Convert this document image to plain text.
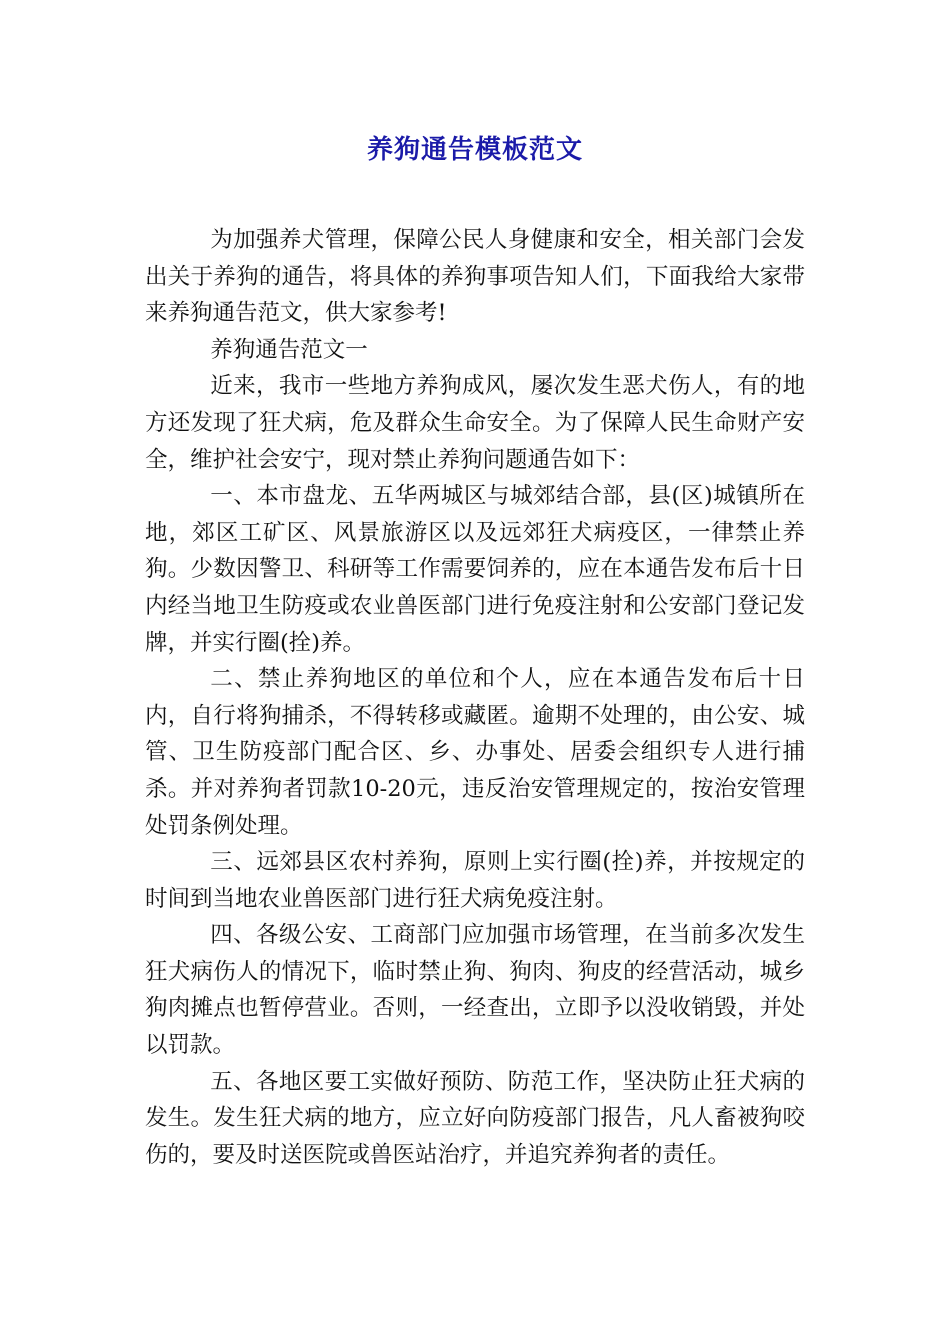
养狗通告模板范文

为加强养犬管理，保障公民人身健康和安全，相关部门会发出关于养狗的通告，将具体的养狗事项告知人们，下面我给大家带来养狗通告范文，供大家参考!

养狗通告范文一

近来，我市一些地方养狗成风，屡次发生恶犬伤人，有的地方还发现了狂犬病，危及群众生命安全。为了保障人民生命财产安全，维护社会安宁，现对禁止养狗问题通告如下：

一、本市盘龙、五华两城区与城郊结合部，县(区)城镇所在地，郊区工矿区、风景旅游区以及远郊狂犬病疫区，一律禁止养狗。少数因警卫、科研等工作需要饲养的，应在本通告发布后十日内经当地卫生防疫或农业兽医部门进行免疫注射和公安部门登记发牌，并实行圈(拴)养。

二、禁止养狗地区的单位和个人，应在本通告发布后十日内，自行将狗捕杀，不得转移或藏匿。逾期不处理的，由公安、城管、卫生防疫部门配合区、乡、办事处、居委会组织专人进行捕杀。并对养狗者罚款10-20元，违反治安管理规定的，按治安管理处罚条例处理。

三、远郊县区农村养狗，原则上实行圈(拴)养，并按规定的时间到当地农业兽医部门进行狂犬病免疫注射。

四、各级公安、工商部门应加强市场管理，在当前多次发生狂犬病伤人的情况下，临时禁止狗、狗肉、狗皮的经营活动，城乡狗肉摊点也暂停营业。否则，一经查出，立即予以没收销毁，并处以罚款。

五、各地区要工实做好预防、防范工作，坚决防止狂犬病的发生。发生狂犬病的地方，应立好向防疫部门报告，凡人畜被狗咬伤的，要及时送医院或兽医站治疗，并追究养狗者的责任。
